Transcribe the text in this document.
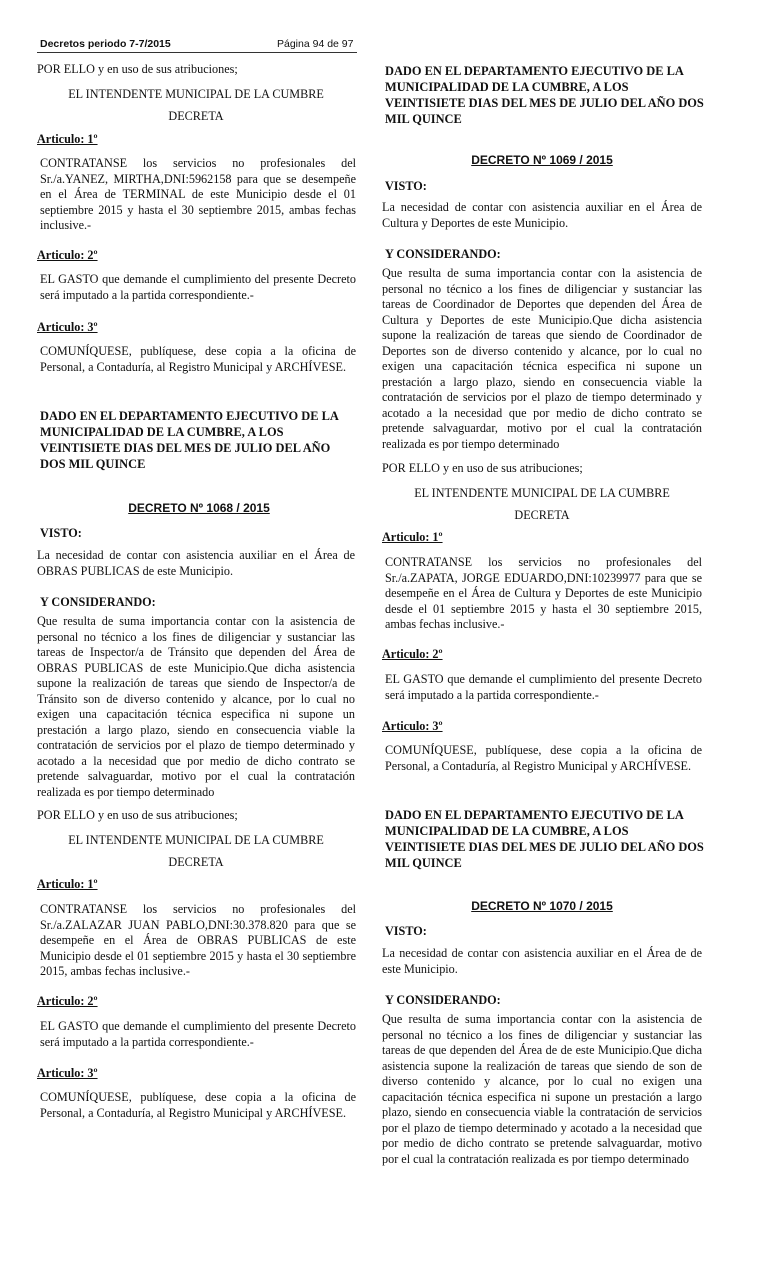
Decretos periodo 7-7/2015	Página 94 de 97

POR ELLO y en uso de sus atribuciones;

EL INTENDENTE MUNICIPAL DE LA CUMBRE

DECRETA

Articulo: 1º

CONTRATANSE los servicios no profesionales del Sr./a.YANEZ, MIRTHA,DNI:5962158 para que se desempeñe en el Área de TERMINAL de este Municipio desde el 01 septiembre 2015 y hasta el 30 septiembre 2015, ambas fechas inclusive.-

Articulo: 2º

EL GASTO que demande el cumplimiento del presente Decreto será imputado a la partida correspondiente.-

Articulo: 3º

COMUNÍQUESE, publíquese, dese copia a la oficina de Personal, a Contaduría, al Registro Municipal y ARCHÍVESE.

DADO EN EL DEPARTAMENTO EJECUTIVO DE LA MUNICIPALIDAD DE LA CUMBRE, A LOS VEINTISIETE DIAS DEL MES DE JULIO DEL AÑO DOS MIL QUINCE

DECRETO Nº 1068 / 2015

VISTO:

La necesidad de contar con asistencia auxiliar en el Área de OBRAS PUBLICAS de este Municipio.

Y CONSIDERANDO:

Que resulta de suma importancia contar con la asistencia de personal no técnico a los fines de diligenciar y sustanciar las tareas de Inspector/a de Tránsito que dependen del Área de OBRAS PUBLICAS de este Municipio.Que dicha asistencia supone la realización de tareas que siendo de Inspector/a de Tránsito son de diverso contenido y alcance, por lo cual no exigen una capacitación técnica especifica ni supone un prestación a largo plazo, siendo en consecuencia viable la contratación de servicios por el plazo de tiempo determinado y acotado a la necesidad que por medio de dicho contrato se pretende salvaguardar, motivo por el cual la contratación realizada es por tiempo determinado

POR ELLO y en uso de sus atribuciones;

EL INTENDENTE MUNICIPAL DE LA CUMBRE

DECRETA

Articulo: 1º

CONTRATANSE los servicios no profesionales del Sr./a.ZALAZAR JUAN PABLO,DNI:30.378.820 para que se desempeñe en el Área de OBRAS PUBLICAS de este Municipio desde el 01 septiembre 2015 y hasta el 30 septiembre 2015, ambas fechas inclusive.-

Articulo: 2º

EL GASTO que demande el cumplimiento del presente Decreto será imputado a la partida correspondiente.-

Articulo: 3º

COMUNÍQUESE, publíquese, dese copia a la oficina de Personal, a Contaduría, al Registro Municipal y ARCHÍVESE.

DADO EN EL DEPARTAMENTO EJECUTIVO DE LA MUNICIPALIDAD DE LA CUMBRE, A LOS VEINTISIETE DIAS DEL MES DE JULIO DEL AÑO DOS MIL QUINCE

DECRETO Nº 1069 / 2015

VISTO:

La necesidad de contar con asistencia auxiliar en el Área de Cultura y Deportes de este Municipio.

Y CONSIDERANDO:

Que resulta de suma importancia contar con la asistencia de personal no técnico a los fines de diligenciar y sustanciar las tareas de Coordinador de Deportes que dependen del Área de Cultura y Deportes de este Municipio.Que dicha asistencia supone la realización de tareas que siendo de Coordinador de Deportes son de diverso contenido y alcance, por lo cual no exigen una capacitación técnica especifica ni supone un prestación a largo plazo, siendo en consecuencia viable la contratación de servicios por el plazo de tiempo determinado y acotado a la necesidad que por medio de dicho contrato se pretende salvaguardar, motivo por el cual la contratación realizada es por tiempo determinado

POR ELLO y en uso de sus atribuciones;

EL INTENDENTE MUNICIPAL DE LA CUMBRE

DECRETA

Articulo: 1º

CONTRATANSE los servicios no profesionales del Sr./a.ZAPATA, JORGE EDUARDO,DNI:10239977 para que se desempeñe en el Área de Cultura y Deportes de este Municipio desde el 01 septiembre 2015 y hasta el 30 septiembre 2015, ambas fechas inclusive.-

Articulo: 2º

EL GASTO que demande el cumplimiento del presente Decreto será imputado a la partida correspondiente.-

Articulo: 3º

COMUNÍQUESE, publíquese, dese copia a la oficina de Personal, a Contaduría, al Registro Municipal y ARCHÍVESE.

DADO EN EL DEPARTAMENTO EJECUTIVO DE LA MUNICIPALIDAD DE LA CUMBRE, A LOS VEINTISIETE DIAS DEL MES DE JULIO DEL AÑO DOS MIL QUINCE

DECRETO Nº 1070 / 2015

VISTO:

La necesidad de contar con asistencia auxiliar en el Área de de este Municipio.

Y CONSIDERANDO:

Que resulta de suma importancia contar con la asistencia de personal no técnico a los fines de diligenciar y sustanciar las tareas de que dependen del Área de de este Municipio.Que dicha asistencia supone la realización de tareas que siendo de son de diverso contenido y alcance, por lo cual no exigen una capacitación técnica especifica ni supone un prestación a largo plazo, siendo en consecuencia viable la contratación de servicios por el plazo de tiempo determinado y acotado a la necesidad que por medio de dicho contrato se pretende salvaguardar, motivo por el cual la contratación realizada es por tiempo determinado
